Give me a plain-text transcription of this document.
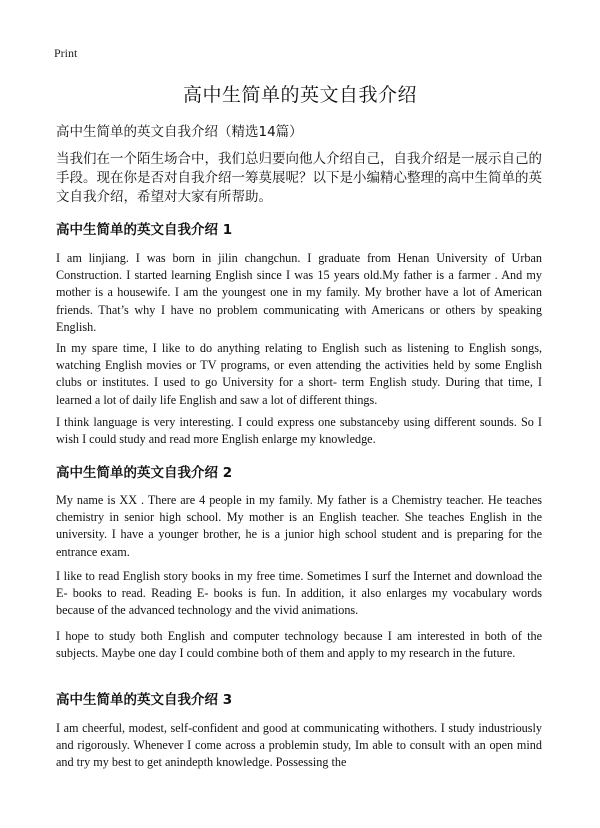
Print
高中生简单的英文自我介绍
高中生简单的英文自我介绍（精选14篇）

当我们在一个陌生场合中，我们总归要向他人介绍自己，自我介绍是一展示自己的手段。现在你是否对自我介绍一筹莫展呢？以下是小编精心整理的高中生简单的英文自我介绍，希望对大家有所帮助。

高中生简单的英文自我介绍 1

I am linjiang. I was born in jilin changchun. I graduate from Henan University of Urban Construction. I started learning English since I was 15 years old.My father is a farmer . And my mother is a housewife. I am the youngest one in my family. My brother have a lot of American friends. That’s why I have no problem communicating with Americans or others by speaking English.

In my spare time, I like to do anything relating to English such as listening to English songs, watching English movies or TV programs, or even attending the activities held by some English clubs or institutes. I used to go University for a short- term English study. During that time, I learned a lot of daily life English and saw a lot of different things.

I think language is very interesting. I could express one substanceby using different sounds. So I wish I could study and read more English enlarge my knowledge.

高中生简单的英文自我介绍 2

My name is XX . There are 4 people in my family. My father is a Chemistry teacher. He teaches chemistry in senior high school. My mother is an English teacher. She teaches English in the university. I have a younger brother, he is a junior high school student and is preparing for the entrance exam.

I like to read English story books in my free time. Sometimes I surf the Internet and download the E- books to read. Reading E- books is fun. In addition, it also enlarges my vocabulary words because of the advanced technology and the vivid animations.

I hope to study both English and computer technology because I am interested in both of the subjects. Maybe one day I could combine both of them and apply to my research in the future.

高中生简单的英文自我介绍 3

I am cheerful, modest, self-confident and good at communicating withothers. I study industriously and rigorously. Whenever I come across a problemin study, Im able to consult with an open mind and try my best to get anindepth knowledge. Possessing the
